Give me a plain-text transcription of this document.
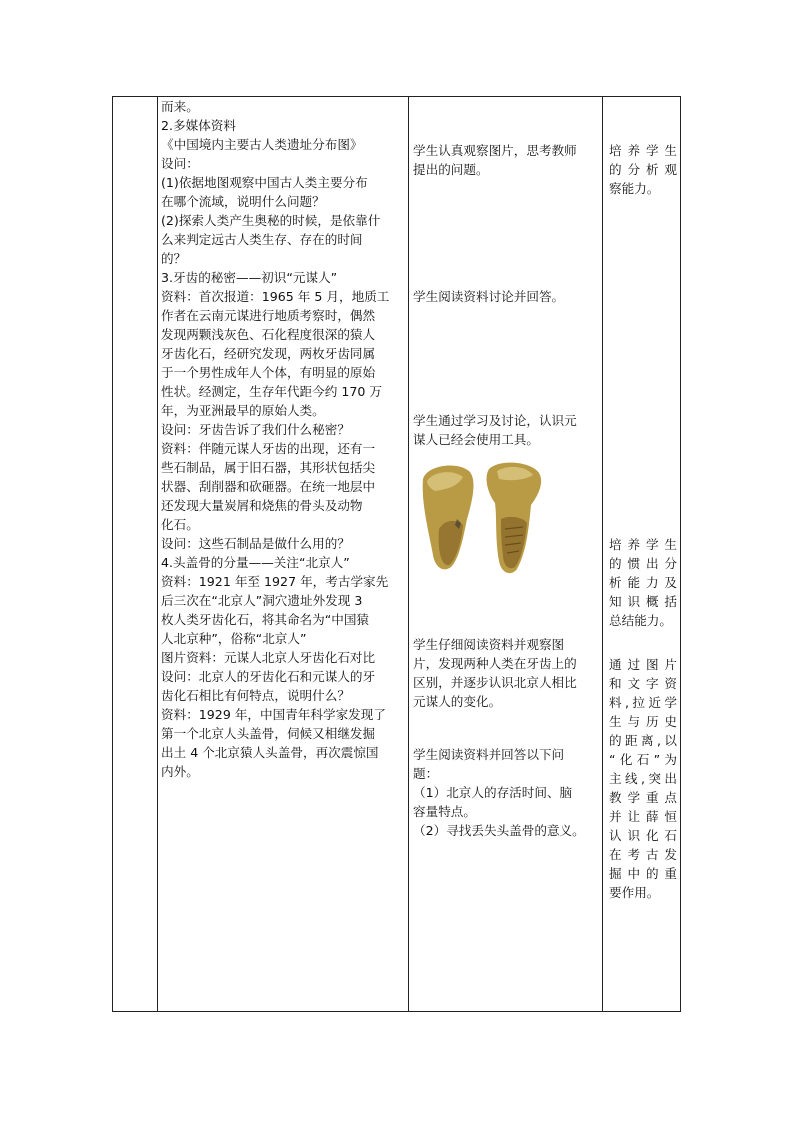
而来。

2.多媒体资料

《中国境内主要古人类遗址分布图》

设问：

(1)依据地图观察中国古人类主要分布

在哪个流域，说明什么问题？

(2)探索人类产生奥秘的时候，是依靠什

么来判定远古人类生存、存在的时间

的？

3.牙齿的秘密——初识“元谋人”

资料：首次报道：1965 年 5 月，地质工

作者在云南元谋进行地质考察时，偶然

发现两颗浅灰色、石化程度很深的猿人

牙齿化石，经研究发现，两枚牙齿同属

于一个男性成年人个体，有明显的原始

性状。经测定，生存年代距今约 170 万

年，为亚洲最早的原始人类。

设问：牙齿告诉了我们什么秘密？

资料：伴随元谋人牙齿的出现，还有一

些石制品，属于旧石器，其形状包括尖

状器、刮削器和砍砸器。在统一地层中

还发现大量炭屑和烧焦的骨头及动物

化石。

设问：这些石制品是做什么用的？

4.头盖骨的分量——关注“北京人”

资料：1921 年至 1927 年，考古学家先

后三次在“北京人”洞穴遗址外发现 3

枚人类牙齿化石，将其命名为“中国猿

人北京种”，俗称“北京人”

图片资料：元谋人北京人牙齿化石对比

设问：北京人的牙齿化石和元谋人的牙

齿化石相比有何特点，说明什么？

资料：1929 年，中国青年科学家发现了

第一个北京人头盖骨，伺候又相继发掘

出土 4 个北京猿人头盖骨，再次震惊国

内外。

学生认真观察图片，思考教师

提出的问题。

学生阅读资料讨论并回答。

学生通过学习及讨论，认识元

谋人已经会使用工具。

学生仔细阅读资料并观察图

片，发现两种人类在牙齿上的

区别，并逐步认识北京人相比

元谋人的变化。

学生阅读资料并回答以下问

题：

（1）北京人的存活时间、脑

容量特点。

（2）寻找丢失头盖骨的意义。

培养学生

的分析观

察能力。

培养学生

的惯出分

析能力及

知识概括

总结能力。

通过图片

和文字资

料,拉近学

生与历史

的距离,以

“化石”为

主线,突出

教学重点

并让薛恒

认识化石

在考古发

掘中的重

要作用。
